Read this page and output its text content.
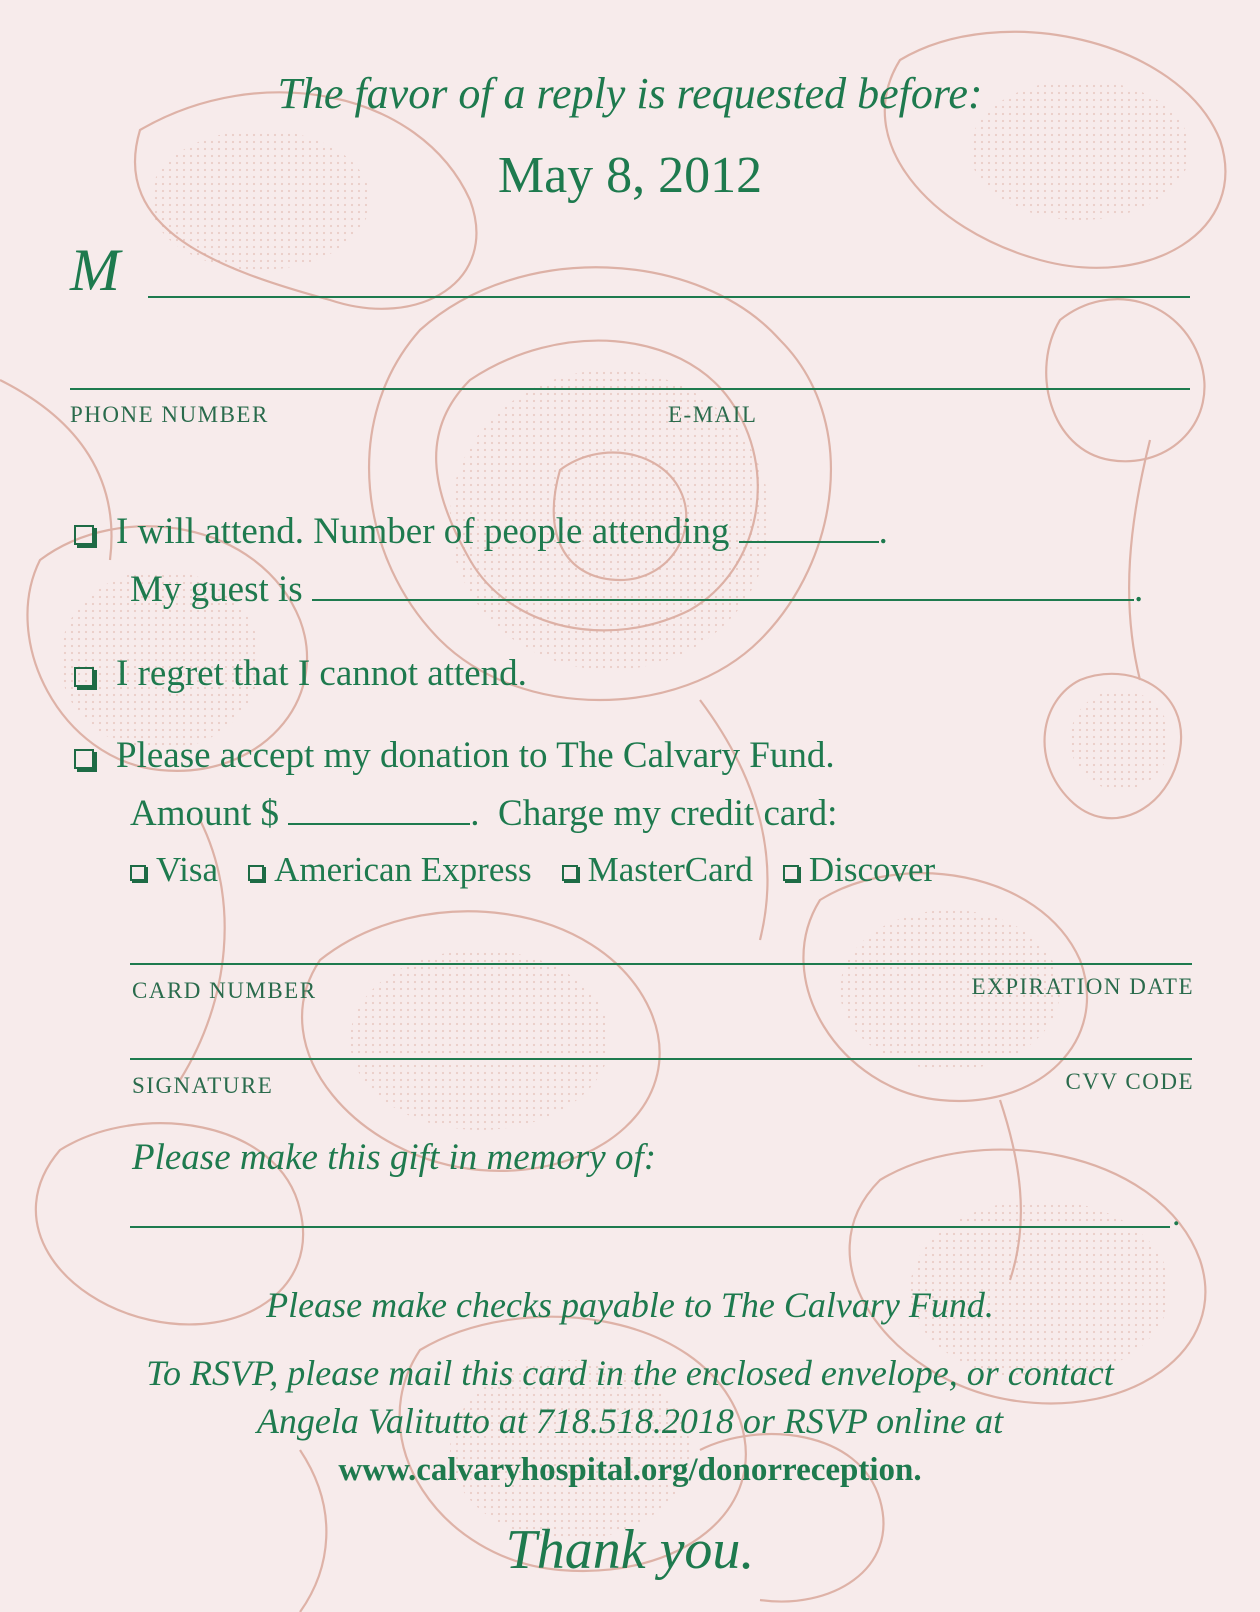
The favor of a reply is requested before:
May 8, 2012
M
PHONE NUMBER	E-MAIL
I will attend. Number of people attending	.
My guest is	.
I regret that I cannot attend.
Please accept my donation to The Calvary Fund.
Amount $	.  Charge my credit card:
Visa American Express MasterCard Discover
CARD NUMBER	EXPIRATION DATE
SIGNATURE	CVV CODE
Please make this gift in memory of:
.
Please make checks payable to The Calvary Fund.
To RSVP, please mail this card in the enclosed envelope, or contact
Angela Valitutto at 718.518.2018 or RSVP online at
www.calvaryhospital.org/donorreception.
Thank you.
